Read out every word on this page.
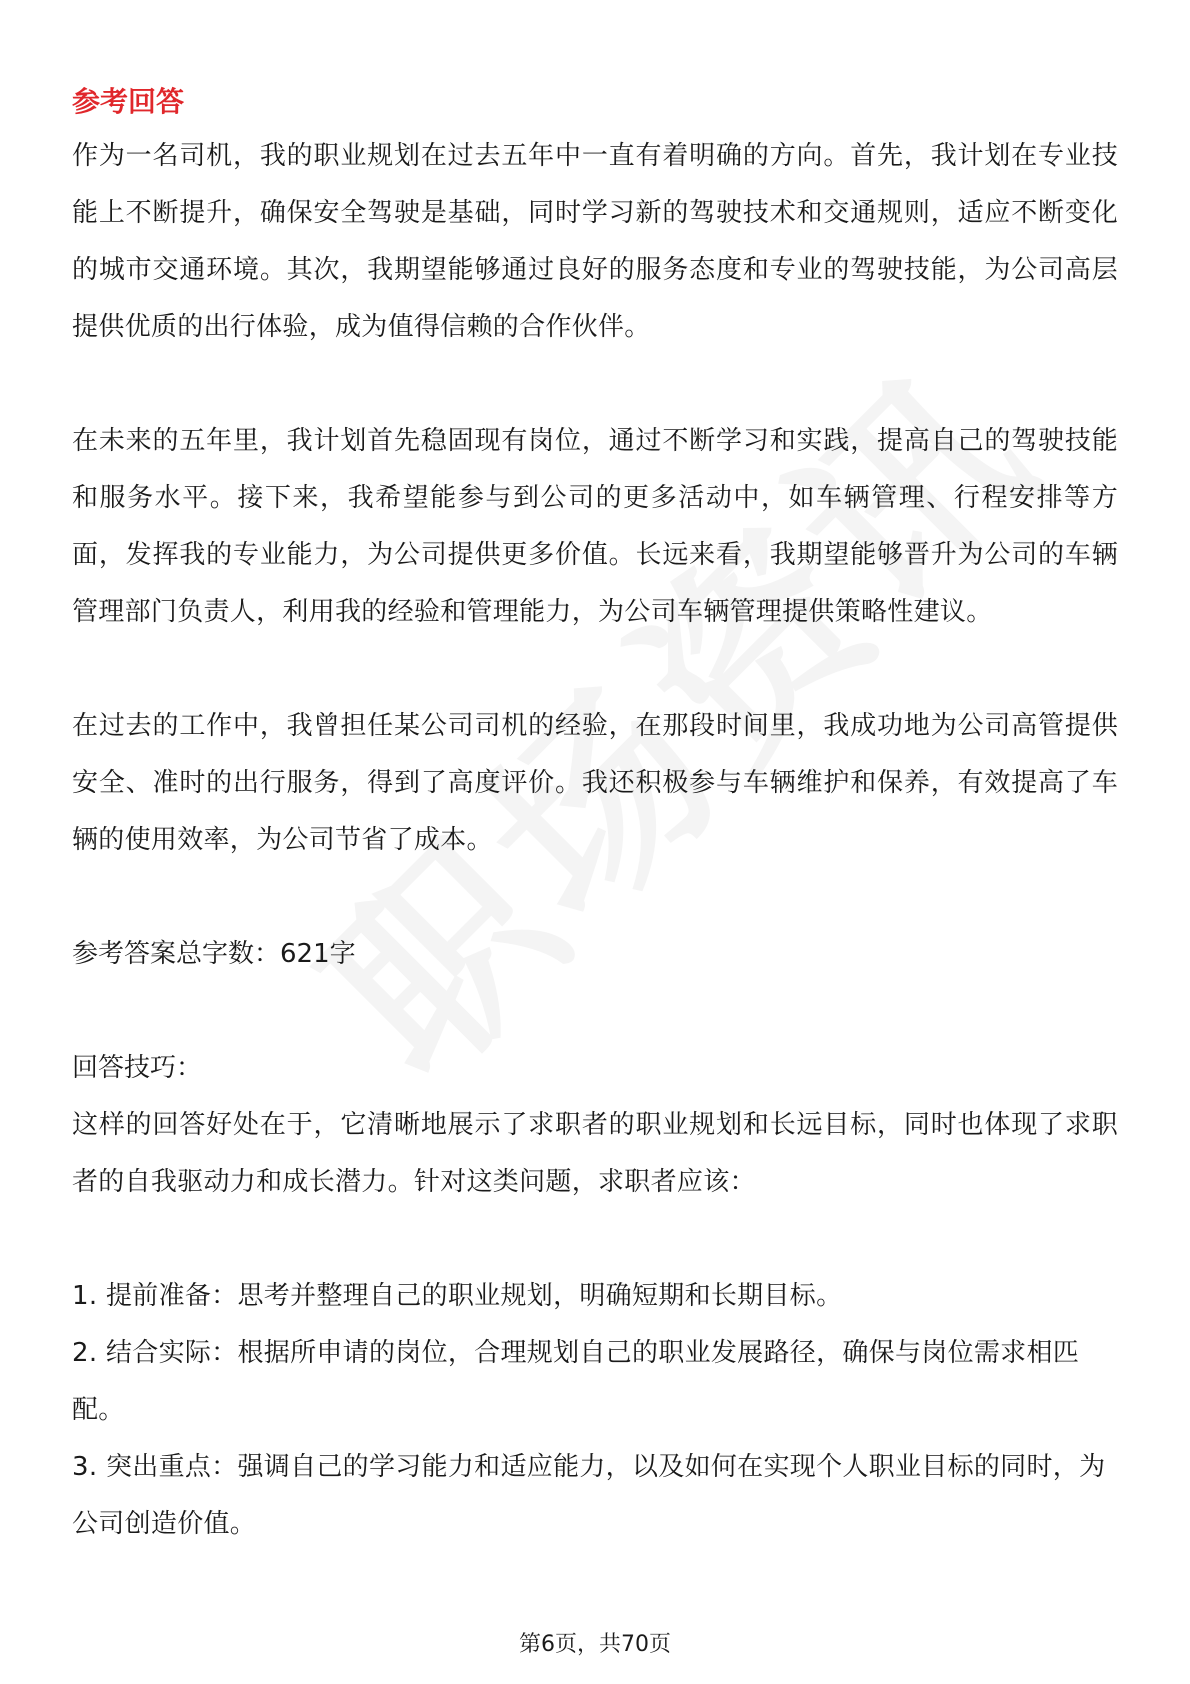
参考回答

作为一名司机，我的职业规划在过去五年中一直有着明确的方向。首先，我计划在专业技能上不断提升，确保安全驾驶是基础，同时学习新的驾驶技术和交通规则，适应不断变化的城市交通环境。其次，我期望能够通过良好的服务态度和专业的驾驶技能，为公司高层提供优质的出行体验，成为值得信赖的合作伙伴。

在未来的五年里，我计划首先稳固现有岗位，通过不断学习和实践，提高自己的驾驶技能和服务水平。接下来，我希望能参与到公司的更多活动中，如车辆管理、行程安排等方面，发挥我的专业能力，为公司提供更多价值。长远来看，我期望能够晋升为公司的车辆管理部门负责人，利用我的经验和管理能力，为公司车辆管理提供策略性建议。

在过去的工作中，我曾担任某公司司机的经验，在那段时间里，我成功地为公司高管提供安全、准时的出行服务，得到了高度评价。我还积极参与车辆维护和保养，有效提高了车辆的使用效率，为公司节省了成本。

参考答案总字数：621字

回答技巧：

这样的回答好处在于，它清晰地展示了求职者的职业规划和长远目标，同时也体现了求职者的自我驱动力和成长潜力。针对这类问题，求职者应该：

1. 提前准备：思考并整理自己的职业规划，明确短期和长期目标。

2. 结合实际：根据所申请的岗位，合理规划自己的职业发展路径，确保与岗位需求相匹配。

3. 突出重点：强调自己的学习能力和适应能力，以及如何在实现个人职业目标的同时，为公司创造价值。

第6页，共70页
